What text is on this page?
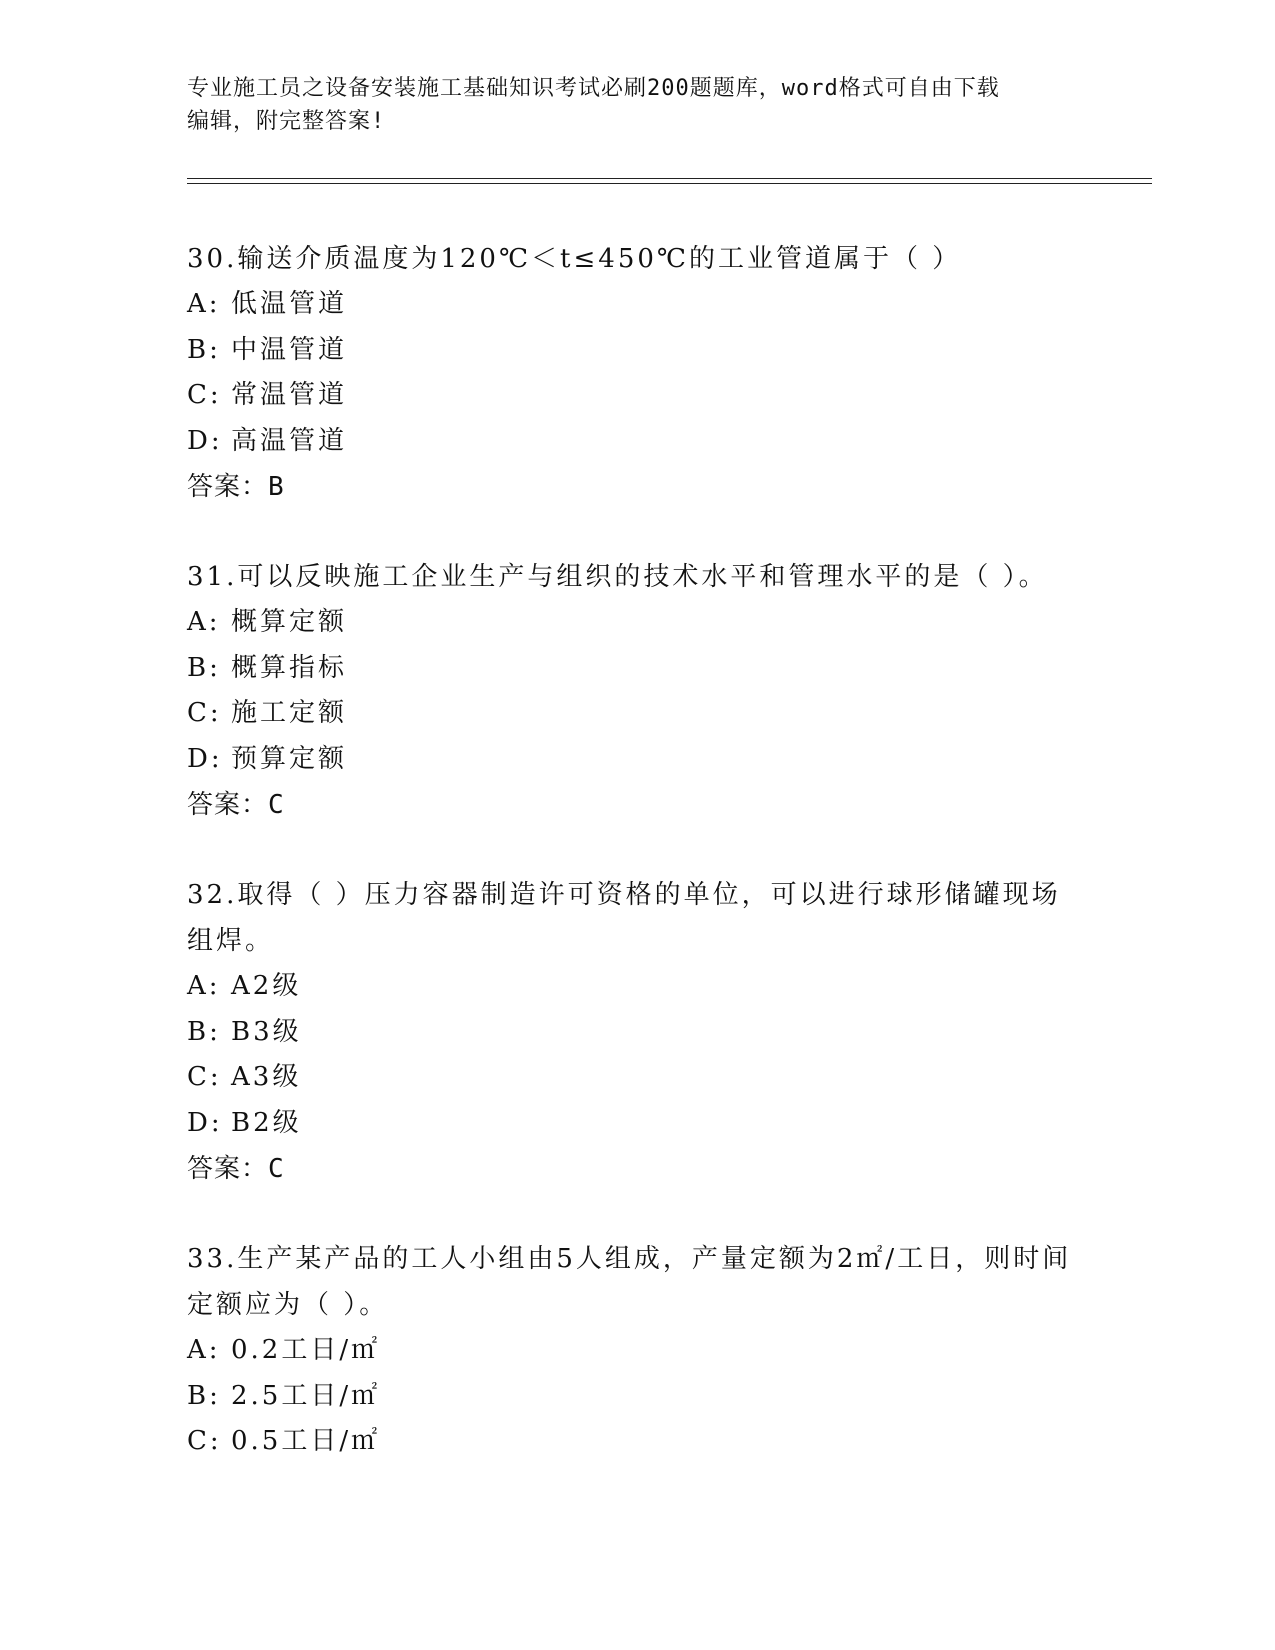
专业施工员之设备安装施工基础知识考试必刷200题题库，word格式可自由下载
编辑，附完整答案!

30.输送介质温度为120℃＜t≤450℃的工业管道属于（ ）

A: 低温管道

B: 中温管道

C: 常温管道

D: 高温管道

答案：B

31.可以反映施工企业生产与组织的技术水平和管理水平的是（ ）。

A: 概算定额

B: 概算指标

C: 施工定额

D: 预算定额

答案：C

32.取得（ ）压力容器制造许可资格的单位，可以进行球形储罐现场组焊。

A: A2级

B: B3级

C: A3级

D: B2级

答案：C

33.生产某产品的工人小组由5人组成，产量定额为2㎡/工日，则时间定额应为（ ）。

A: 0.2工日/㎡

B: 2.5工日/㎡

C: 0.5工日/㎡
